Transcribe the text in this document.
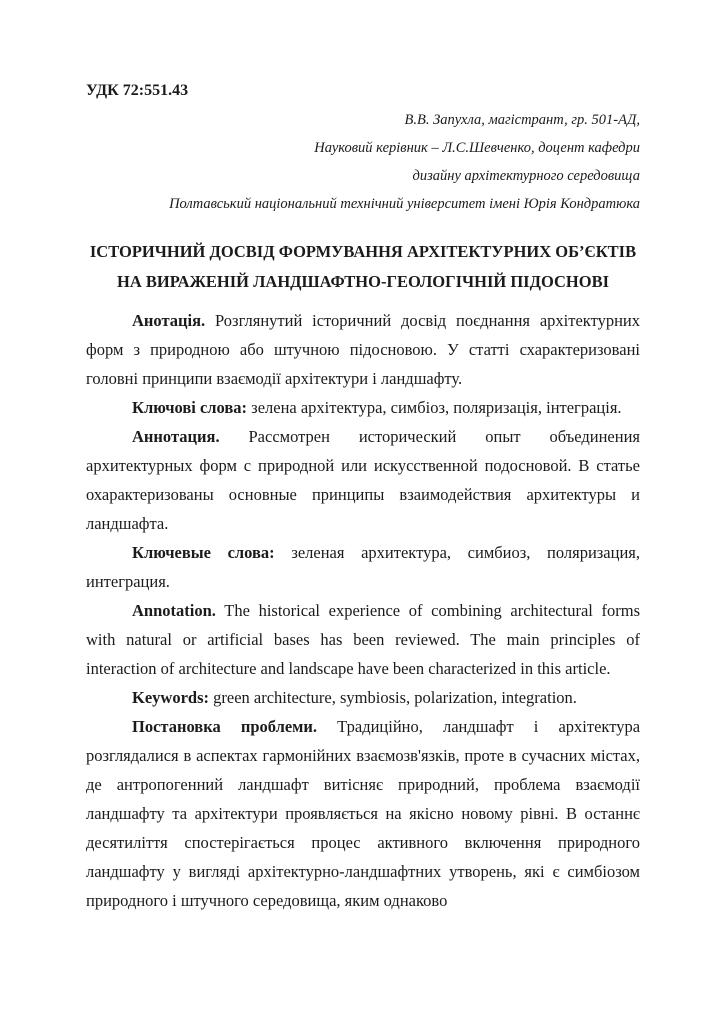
УДК 72:551.43
В.В. Запухла, магістрант, гр. 501-АД,
Науковий керівник – Л.С.Шевченко, доцент кафедри
дизайну архітектурного середовища
Полтавський національний технічний університет імені Юрія Кондратюка
ІСТОРИЧНИЙ ДОСВІД ФОРМУВАННЯ АРХІТЕКТУРНИХ ОБ’ЄКТІВ
НА ВИРАЖЕНІЙ ЛАНДШАФТНО-ГЕОЛОГІЧНІЙ ПІДОСНОВІ

Анотація. Розглянутий історичний досвід поєднання архітектурних форм з природною або штучною підосновою. У статті схарактеризовані головні принципи взаємодії архітектури і ландшафту.

Ключові слова: зелена архітектура, симбіоз, поляризація, інтеграція.

Аннотация. Рассмотрен исторический опыт объединения архитектурных форм с природной или искусственной подосновой. В статье охарактеризованы основные принципы взаимодействия архитектуры и ландшафта.

Ключевые слова: зеленая архитектура, симбиоз, поляризация, интеграция.

Annotation. The historical experience of combining architectural forms with natural or artificial bases has been reviewed. The main principles of interaction of architecture and landscape have been characterized in this article.

Keywords: green architecture, symbiosis, polarization, integration.

Постановка проблеми. Традиційно, ландшафт і архітектура розглядалися в аспектах гармонійних взаємозв'язків, проте в сучасних містах, де антропогенний ландшафт витісняє природний, проблема взаємодії ландшафту та архітектури проявляється на якісно новому рівні. В останнє десятиліття спостерігається процес активного включення природного ландшафту у вигляді архітектурно-ландшафтних утворень, які є симбіозом природного і штучного середовища, яким однаково
